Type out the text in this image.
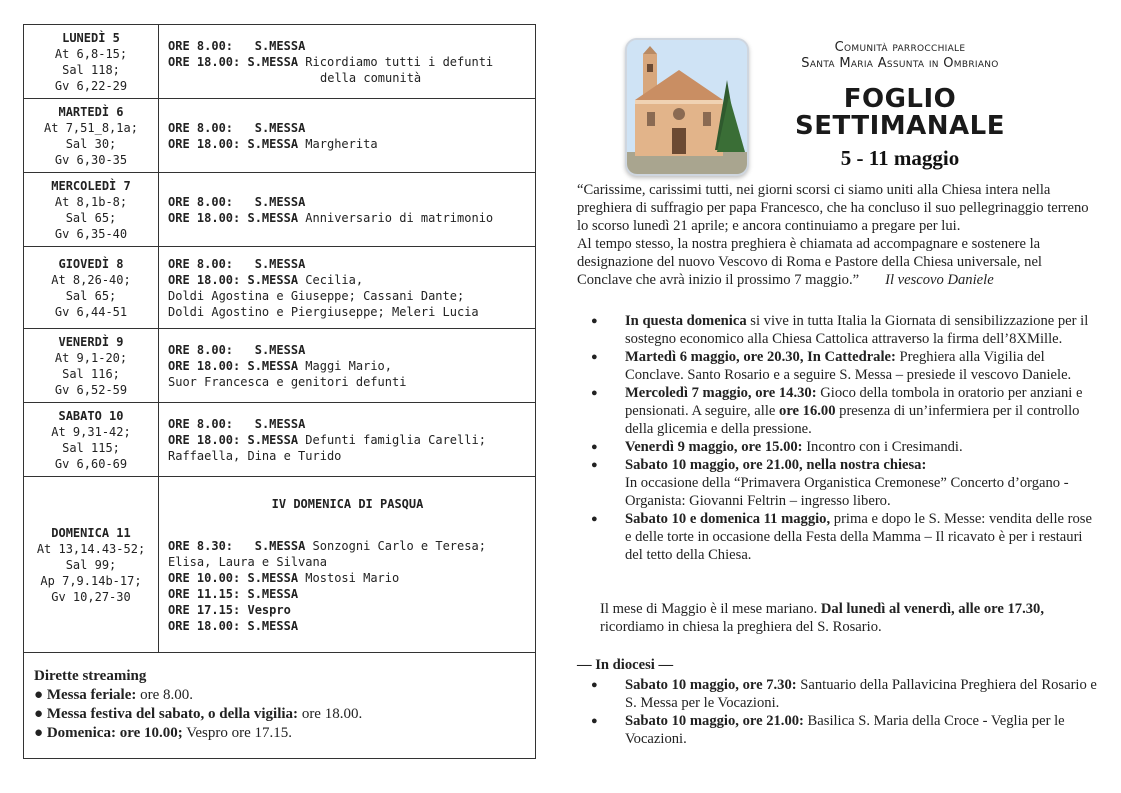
LUNEDÌ 5
At 6,8-15;
Sal 118;
Gv 6,22-29
ORE 8.00: S.MESSA
ORE 18.00: S.MESSA Ricordiamo tutti i defunti
della comunità
MARTEDÌ 6
At 7,51_8,1a;
Sal 30;
Gv 6,30-35
ORE 8.00: S.MESSA
ORE 18.00: S.MESSA Margherita
MERCOLEDÌ 7
At 8,1b-8;
Sal 65;
Gv 6,35-40
ORE 8.00: S.MESSA
ORE 18.00: S.MESSA Anniversario di matrimonio
GIOVEDÌ 8
At 8,26-40;
Sal 65;
Gv 6,44-51
ORE 8.00: S.MESSA
ORE 18.00: S.MESSA Cecilia,
Doldi Agostina e Giuseppe; Cassani Dante;
Doldi Agostino e Piergiuseppe; Meleri Lucia
VENERDÌ 9
At 9,1-20;
Sal 116;
Gv 6,52-59
ORE 8.00: S.MESSA
ORE 18.00: S.MESSA Maggi Mario,
Suor Francesca e genitori defunti
SABATO 10
At 9,31-42;
Sal 115;
Gv 6,60-69
ORE 8.00: S.MESSA
ORE 18.00: S.MESSA Defunti famiglia Carelli;
Raffaella, Dina e Turido
DOMENICA 11
At 13,14.43-52;
Sal 99;
Ap 7,9.14b-17;
Gv 10,27-30
IV DOMENICA DI PASQUA
ORE 8.30: S.MESSA Sonzogni Carlo e Teresa;
Elisa, Laura e Silvana
ORE 10.00: S.MESSA Mostosi Mario
ORE 11.15: S.MESSA
ORE 17.15: Vespro
ORE 18.00: S.MESSA
Dirette streaming
● Messa feriale: ore 8.00.
● Messa festiva del sabato, o della vigilia: ore 18.00.
● Domenica: ore 10.00; Vespro ore 17.15.
Comunità parrocchiale
Santa Maria Assunta in Ombriano
FOGLIO
SETTIMANALE
5 - 11 maggio
“Carissime, carissimi tutti, nei giorni scorsi ci siamo uniti alla Chiesa intera nella preghiera di suffragio per papa Francesco, che ha concluso il suo pellegrinaggio terreno lo scorso lunedì 21 aprile; e ancora continuiamo a pregare per lui.
Al tempo stesso, la nostra preghiera è chiamata ad accompagnare e sostenere la designazione del nuovo Vescovo di Roma e Pastore della Chiesa universale, nel Conclave che avrà inizio il prossimo 7 maggio.” Il vescovo Daniele
● In questa domenica si vive in tutta Italia la Giornata di sensibilizzazione per il sostegno economico alla Chiesa Cattolica attraverso la firma dell’8XMille.
● Martedì 6 maggio, ore 20.30, In Cattedrale: Preghiera alla Vigilia del Conclave. Santo Rosario e a seguire S. Messa – presiede il vescovo Daniele.
● Mercoledì 7 maggio, ore 14.30: Gioco della tombola in oratorio per anziani e pensionati. A seguire, alle ore 16.00 presenza di un’infermiera per il controllo della glicemia e della pressione.
● Venerdì 9 maggio, ore 15.00: Incontro con i Cresimandi.
● Sabato 10 maggio, ore 21.00, nella nostra chiesa:
In occasione della “Primavera Organistica Cremonese” Concerto d’organo - Organista: Giovanni Feltrin – ingresso libero.
● Sabato 10 e domenica 11 maggio, prima e dopo le S. Messe: vendita delle rose e delle torte in occasione della Festa della Mamma – Il ricavato è per i restauri del tetto della Chiesa.
Il mese di Maggio è il mese mariano. Dal lunedì al venerdì, alle ore 17.30, ricordiamo in chiesa la preghiera del S. Rosario.
— In diocesi —
● Sabato 10 maggio, ore 7.30: Santuario della Pallavicina Preghiera del Rosario e S. Messa per le Vocazioni.
● Sabato 10 maggio, ore 21.00: Basilica S. Maria della Croce - Veglia per le Vocazioni.
